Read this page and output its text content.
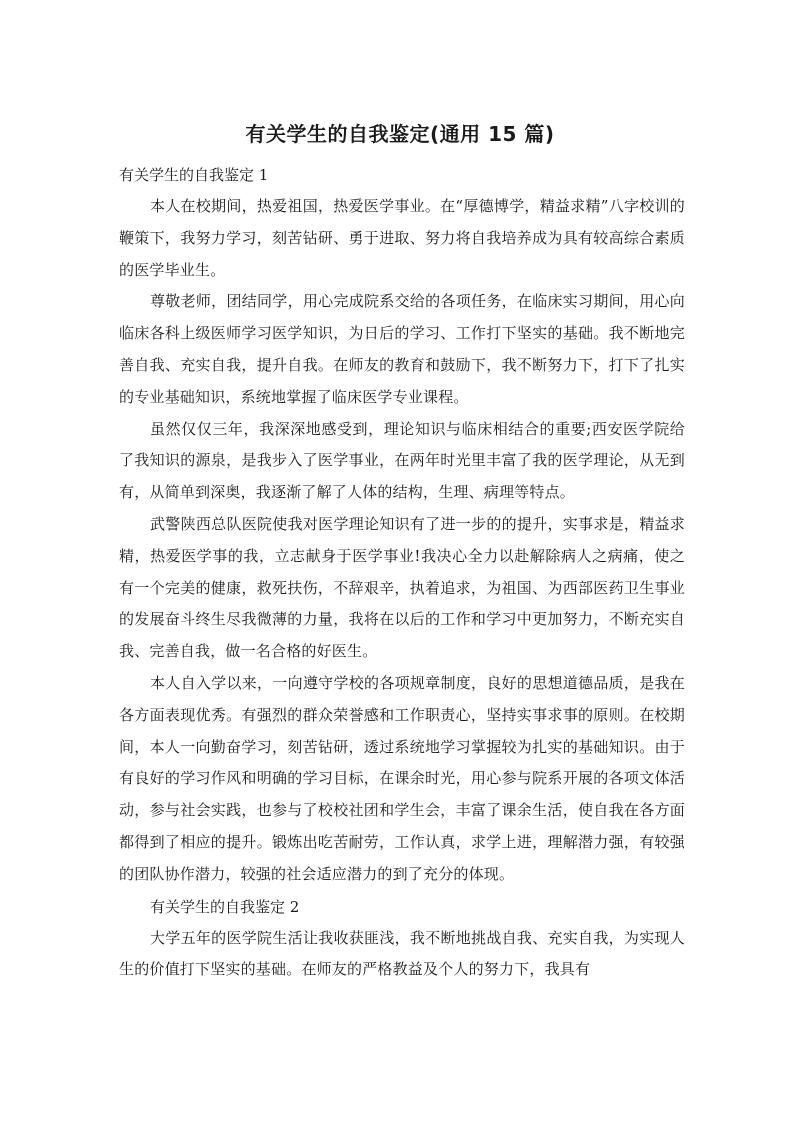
有关学生的自我鉴定(通用 15 篇)

有关学生的自我鉴定 1

本人在校期间，热爱祖国，热爱医学事业。在“厚德博学，精益求精”八字校训的鞭策下，我努力学习，刻苦钻研、勇于进取、努力将自我培养成为具有较高综合素质的医学毕业生。

尊敬老师，团结同学，用心完成院系交给的各项任务，在临床实习期间，用心向临床各科上级医师学习医学知识，为日后的学习、工作打下坚实的基础。我不断地完善自我、充实自我，提升自我。在师友的教育和鼓励下，我不断努力下，打下了扎实的专业基础知识，系统地掌握了临床医学专业课程。

虽然仅仅三年，我深深地感受到，理论知识与临床相结合的重要;西安医学院给了我知识的源泉，是我步入了医学事业，在两年时光里丰富了我的医学理论，从无到有，从简单到深奥，我逐渐了解了人体的结构，生理、病理等特点。

武警陕西总队医院使我对医学理论知识有了进一步的的提升，实事求是，精益求精，热爱医学事的我，立志献身于医学事业!我决心全力以赴解除病人之病痛，使之有一个完美的健康，救死扶伤，不辞艰辛，执着追求，为祖国、为西部医药卫生事业的发展奋斗终生尽我微薄的力量，我将在以后的工作和学习中更加努力，不断充实自我、完善自我，做一名合格的好医生。

本人自入学以来，一向遵守学校的各项规章制度，良好的思想道德品质，是我在各方面表现优秀。有强烈的群众荣誉感和工作职责心，坚持实事求事的原则。在校期间，本人一向勤奋学习，刻苦钻研，透过系统地学习掌握较为扎实的基础知识。由于有良好的学习作风和明确的学习目标，在课余时光，用心参与院系开展的各项文体活动，参与社会实践，也参与了校校社团和学生会，丰富了课余生活，使自我在各方面都得到了相应的提升。锻炼出吃苦耐劳，工作认真，求学上进，理解潜力强，有较强的团队协作潜力，较强的社会适应潜力的到了充分的体现。

有关学生的自我鉴定 2

大学五年的医学院生活让我收获匪浅，我不断地挑战自我、充实自我，为实现人生的价值打下坚实的基础。在师友的严格教益及个人的努力下，我具有
